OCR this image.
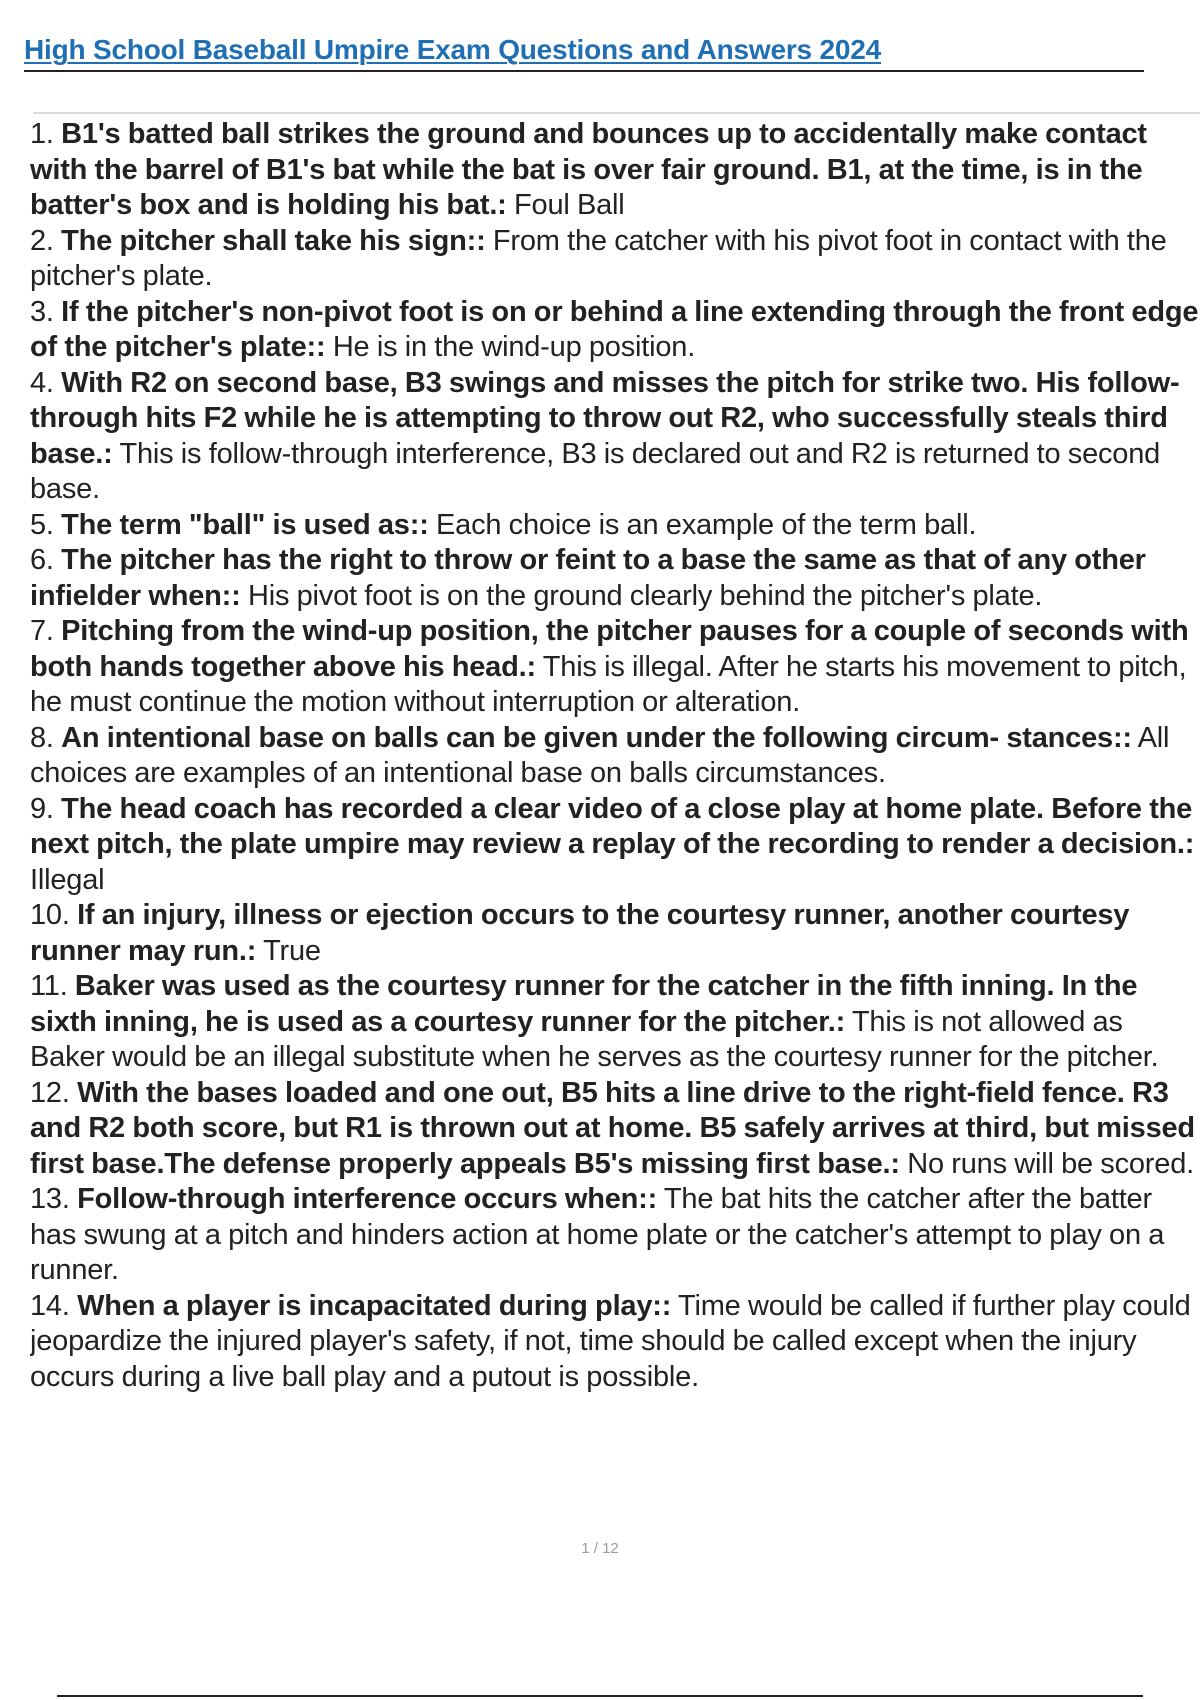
High School Baseball Umpire Exam Questions and Answers 2024

1. B1's batted ball strikes the ground and bounces up to accidentally make contact with the barrel of B1's bat while the bat is over fair ground. B1, at the time, is in the batter's box and is holding his bat.: Foul Ball

2. The pitcher shall take his sign:: From the catcher with his pivot foot in contact with the pitcher's plate.

3. If the pitcher's non-pivot foot is on or behind a line extending through the front edge of the pitcher's plate:: He is in the wind-up position.

4. With R2 on second base, B3 swings and misses the pitch for strike two. His follow-through hits F2 while he is attempting to throw out R2, who successfully steals third base.: This is follow-through interference, B3 is declared out and R2 is returned to second base.

5. The term "ball" is used as:: Each choice is an example of the term ball.

6. The pitcher has the right to throw or feint to a base the same as that of any other infielder when:: His pivot foot is on the ground clearly behind the pitcher's plate.

7. Pitching from the wind-up position, the pitcher pauses for a couple of seconds with both hands together above his head.: This is illegal. After he starts his movement to pitch, he must continue the motion without interruption or alteration.

8. An intentional base on balls can be given under the following circum- stances:: All choices are examples of an intentional base on balls circumstances.

9. The head coach has recorded a clear video of a close play at home plate. Before the next pitch, the plate umpire may review a replay of the recording to render a decision.: Illegal

10. If an injury, illness or ejection occurs to the courtesy runner, another courtesy runner may run.: True

11. Baker was used as the courtesy runner for the catcher in the fifth inning. In the sixth inning, he is used as a courtesy runner for the pitcher.: This is not allowed as Baker would be an illegal substitute when he serves as the courtesy runner for the pitcher.

12. With the bases loaded and one out, B5 hits a line drive to the right-field fence. R3 and R2 both score, but R1 is thrown out at home. B5 safely arrives at third, but missed first base.The defense properly appeals B5's missing first base.: No runs will be scored.

13. Follow-through interference occurs when:: The bat hits the catcher after the batter has swung at a pitch and hinders action at home plate or the catcher's attempt to play on a runner.

14. When a player is incapacitated during play:: Time would be called if further play could jeopardize the injured player's safety, if not, time should be called except when the injury occurs during a live ball play and a putout is possible.

1 / 12
